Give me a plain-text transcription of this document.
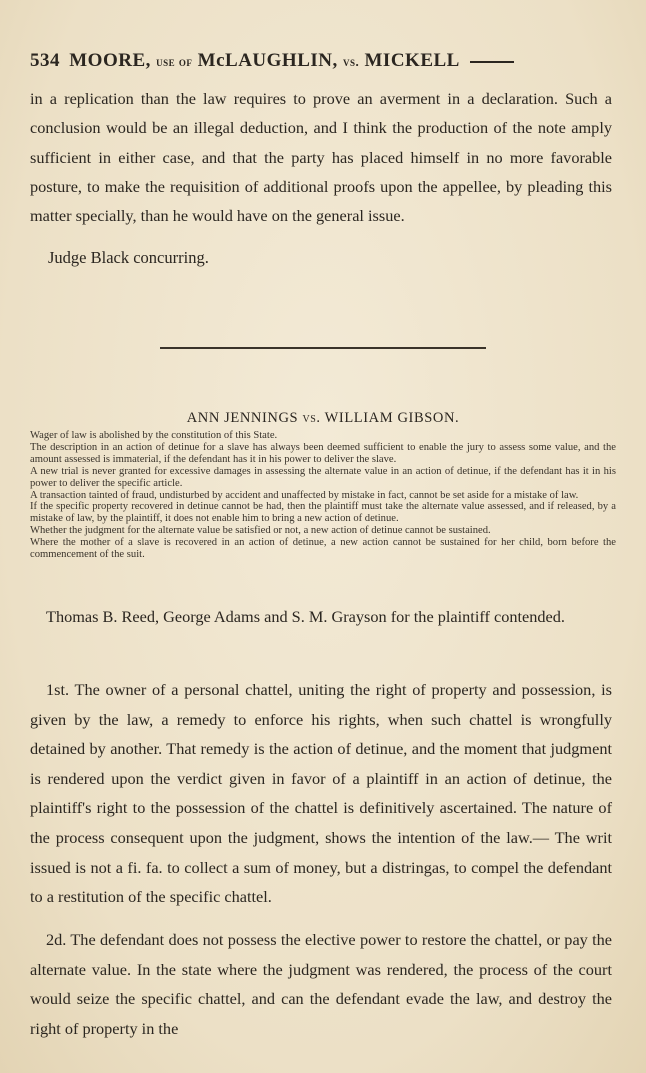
534 MOORE, use of McLAUGHLIN, vs. MICKELL
in a replication than the law requires to prove an averment in a declaration. Such a conclusion would be an illegal deduction, and I think the production of the note amply sufficient in either case, and that the party has placed himself in no more favorable posture, to make the requisition of additional proofs upon the appellee, by pleading this matter specially, than he would have on the general issue.
Judge Black concurring.
ANN JENNINGS vs. WILLIAM GIBSON.

Wager of law is abolished by the constitution of this State.

The description in an action of detinue for a slave has always been deemed sufficient to enable the jury to assess some value, and the amount assessed is immaterial, if the defendant has it in his power to deliver the slave.

A new trial is never granted for excessive damages in assessing the alternate value in an action of detinue, if the defendant has it in his power to deliver the specific article.

A transaction tainted of fraud, undisturbed by accident and unaffected by mistake in fact, cannot be set aside for a mistake of law.

If the specific property recovered in detinue cannot be had, then the plaintiff must take the alternate value assessed, and if released, by a mistake of law, by the plaintiff, it does not enable him to bring a new action of detinue.

Whether the judgment for the alternate value be satisfied or not, a new action of detinue cannot be sustained.

Where the mother of a slave is recovered in an action of detinue, a new action cannot be sustained for her child, born before the commencement of the suit.

Thomas B. Reed, George Adams and S. M. Grayson for the plaintiff contended.
1st. The owner of a personal chattel, uniting the right of property and possession, is given by the law, a remedy to enforce his rights, when such chattel is wrongfully detained by another. That remedy is the action of detinue, and the moment that judgment is rendered upon the verdict given in favor of a plaintiff in an action of detinue, the plaintiff's right to the possession of the chattel is definitively ascertained. The nature of the process consequent upon the judgment, shows the intention of the law.— The writ issued is not a fi. fa. to collect a sum of money, but a distringas, to compel the defendant to a restitution of the specific chattel.
2d. The defendant does not possess the elective power to restore the chattel, or pay the alternate value. In the state where the judgment was rendered, the process of the court would seize the specific chattel, and can the defendant evade the law, and destroy the right of property in the
